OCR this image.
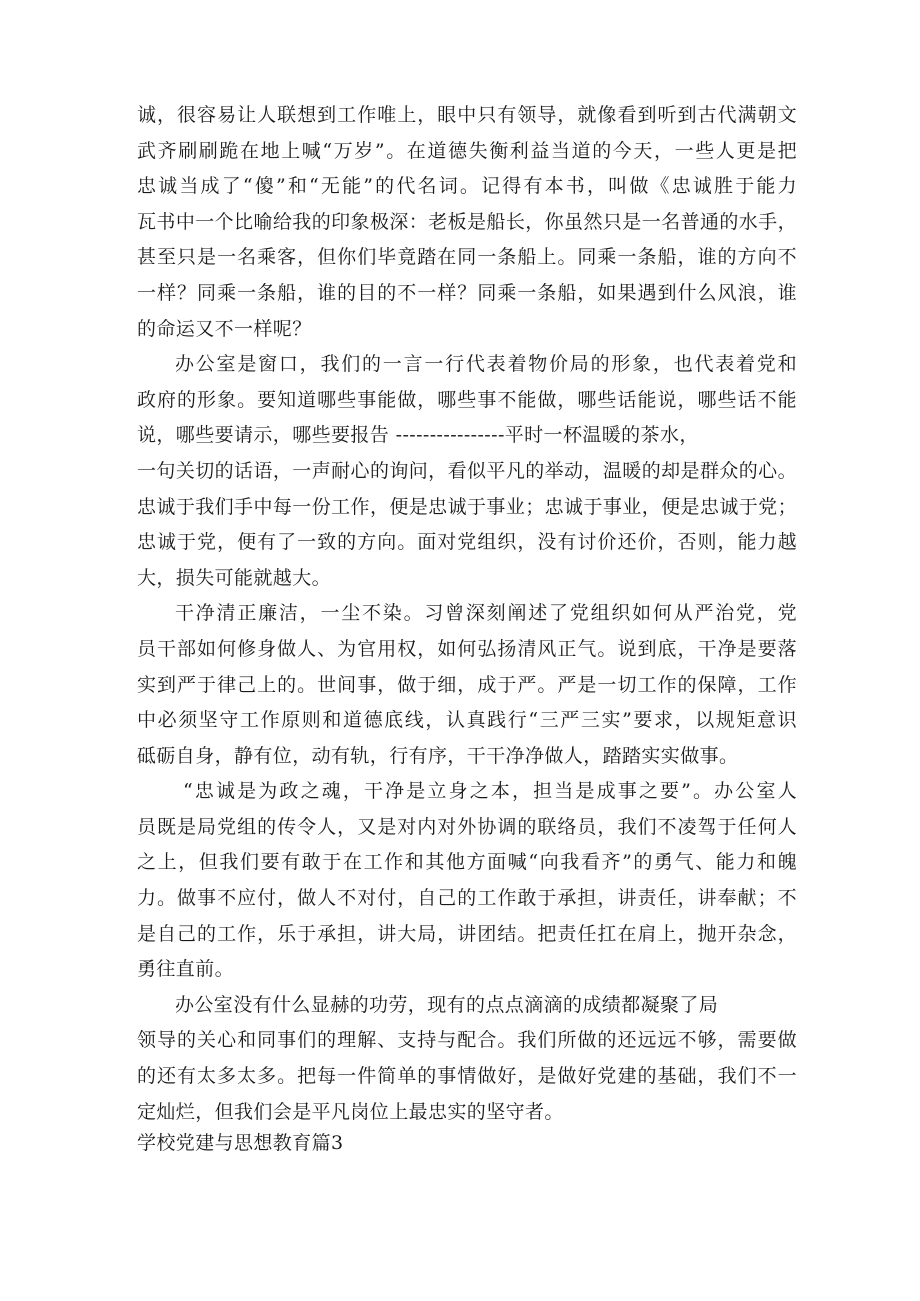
诚，很容易让人联想到工作唯上，眼中只有领导，就像看到听到古代满朝文
武齐刷刷跪在地上喊“万岁”。在道德失衡利益当道的今天，一些人更是把
忠诚当成了“傻”和“无能”的代名词。记得有本书，叫做《忠诚胜于能力
瓦书中一个比喻给我的印象极深：老板是船长，你虽然只是一名普通的水手，
甚至只是一名乘客，但你们毕竟踏在同一条船上。同乘一条船，谁的方向不
一样？同乘一条船，谁的目的不一样？同乘一条船，如果遇到什么风浪，谁
的命运又不一样呢？
办公室是窗口，我们的一言一行代表着物价局的形象，也代表着党和
政府的形象。要知道哪些事能做，哪些事不能做，哪些话能说，哪些话不能
说，哪些要请示，哪些要报告 ----------------平时一杯温暖的茶水，
一句关切的话语，一声耐心的询问，看似平凡的举动，温暖的却是群众的心。
忠诚于我们手中每一份工作，便是忠诚于事业；忠诚于事业，便是忠诚于党；
忠诚于党，便有了一致的方向。面对党组织，没有讨价还价，否则，能力越
大，损失可能就越大。
干净清正廉洁，一尘不染。习曾深刻阐述了党组织如何从严治党，党
员干部如何修身做人、为官用权，如何弘扬清风正气。说到底，干净是要落
实到严于律己上的。世间事，做于细，成于严。严是一切工作的保障，工作
中必须坚守工作原则和道德底线，认真践行“三严三实”要求，以规矩意识
砥砺自身，静有位，动有轨，行有序，干干净净做人，踏踏实实做事。
“忠诚是为政之魂，干净是立身之本，担当是成事之要”。办公室人
员既是局党组的传令人，又是对内对外协调的联络员，我们不凌驾于任何人
之上，但我们要有敢于在工作和其他方面喊“向我看齐”的勇气、能力和魄
力。做事不应付，做人不对付，自己的工作敢于承担，讲责任，讲奉献；不
是自己的工作，乐于承担，讲大局，讲团结。把责任扛在肩上，抛开杂念，
勇往直前。
办公室没有什么显赫的功劳，现有的点点滴滴的成绩都凝聚了局
领导的关心和同事们的理解、支持与配合。我们所做的还远远不够，需要做
的还有太多太多。把每一件简单的事情做好，是做好党建的基础，我们不一
定灿烂，但我们会是平凡岗位上最忠实的坚守者。
学校党建与思想教育篇3
